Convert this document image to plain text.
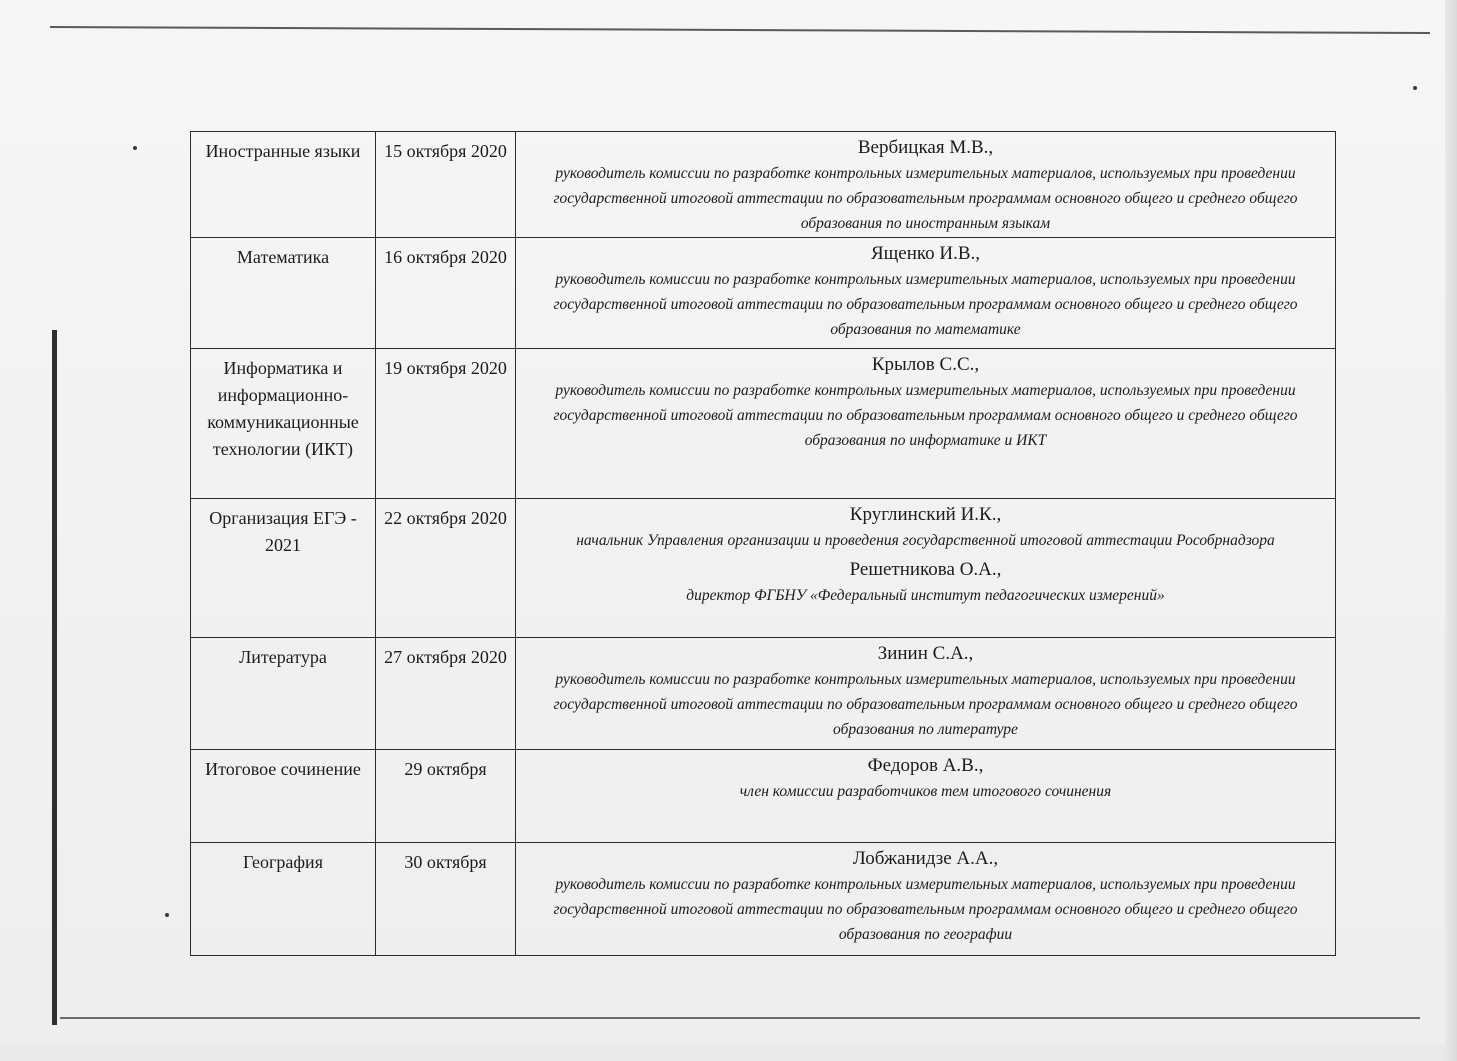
Иностранные языки	15 октября 2020	Вербицкая М.В.,
руководитель комиссии по разработке контрольных измерительных материалов, используемых при проведении государственной итоговой аттестации по образовательным программам основного общего и среднего общего образования по иностранным языкам

Математика	16 октября 2020	Ященко И.В.,
руководитель комиссии по разработке контрольных измерительных материалов, используемых при проведении государственной итоговой аттестации по образовательным программам основного общего и среднего общего образования по математике

Информатика и информационно-коммуникационные технологии (ИКТ)	19 октября 2020	Крылов С.С.,
руководитель комиссии по разработке контрольных измерительных материалов, используемых при проведении государственной итоговой аттестации по образовательным программам основного общего и среднего общего образования по информатике и ИКТ

Организация ЕГЭ - 2021	22 октября 2020	Круглинский И.К.,
начальник Управления организации и проведения государственной итоговой аттестации Рособрнадзора
Решетникова О.А.,
директор ФГБНУ «Федеральный институт педагогических измерений»

Литература	27 октября 2020	Зинин С.А.,
руководитель комиссии по разработке контрольных измерительных материалов, используемых при проведении государственной итоговой аттестации по образовательным программам основного общего и среднего общего образования по литературе

Итоговое сочинение	29 октября	Федоров А.В.,
член комиссии разработчиков тем итогового сочинения

География	30 октября	Лобжанидзе А.А.,
руководитель комиссии по разработке контрольных измерительных материалов, используемых при проведении государственной итоговой аттестации по образовательным программам основного общего и среднего общего образования по географии
